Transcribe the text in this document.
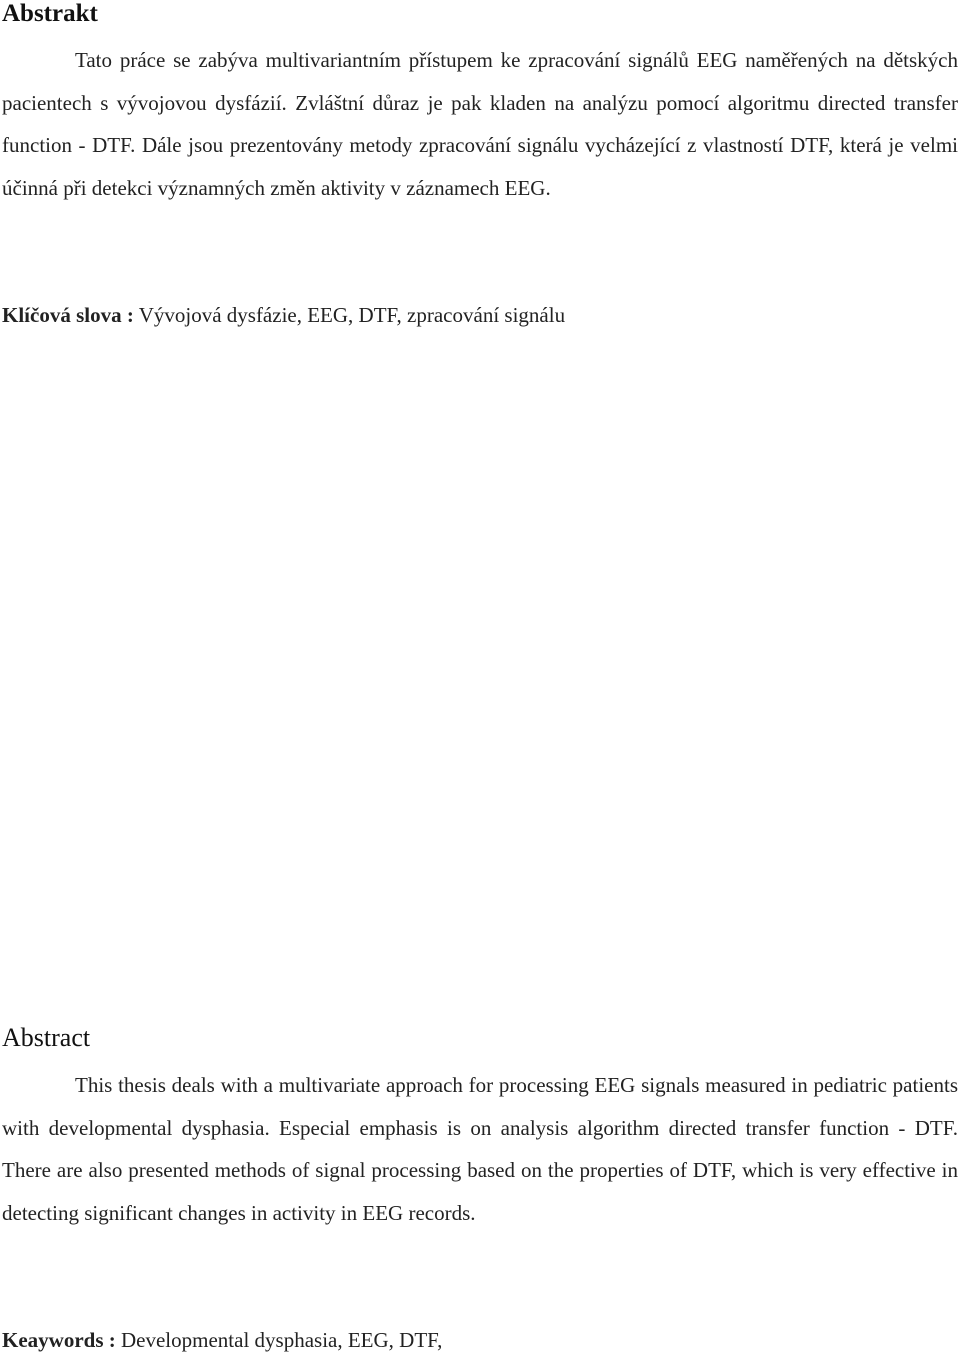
Abstrakt

Tato práce se zabýva multivariantním přístupem ke zpracování signálů EEG naměřených na dětských pacientech s vývojovou dysfázií. Zvláštní důraz je pak kladen na analýzu pomocí algoritmu directed transfer function - DTF. Dále jsou prezentovány metody zpracování signálu vycházející z vlastností DTF, která je velmi účinná při detekci významných změn aktivity v záznamech EEG.

Klíčová slova : Vývojová dysfázie, EEG, DTF, zpracování signálu

Abstract

This thesis deals with a multivariate approach for processing EEG signals measured in pediatric patients with developmental dysphasia. Especial emphasis is on analysis algorithm directed transfer function - DTF. There are also presented methods of signal processing based on the properties of DTF, which is very effective in detecting significant changes in activity in EEG records.

Keaywords : Developmental dysphasia, EEG, DTF,
